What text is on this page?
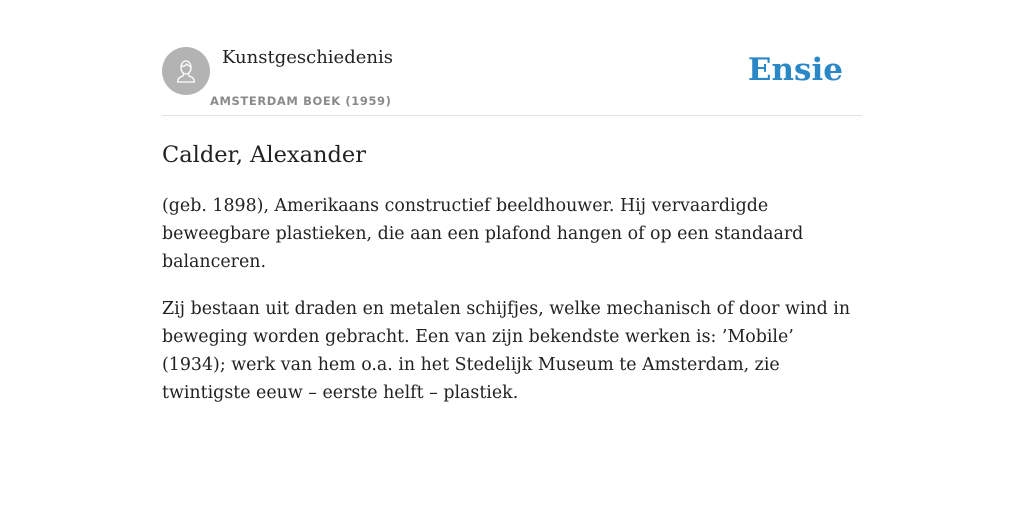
Kunstgeschiedenis
AMSTERDAM BOEK (1959)
Ensie
Calder, Alexander

(geb. 1898), Amerikaans constructief beeldhouwer. Hij vervaardigde beweegbare plastieken, die aan een plafond hangen of op een standaard balanceren.

Zij bestaan uit draden en metalen schijfjes, welke mechanisch of door wind in beweging worden gebracht. Een van zijn bekendste werken is: ’Mobile’ (1934); werk van hem o.a. in het Stedelijk Museum te Amsterdam, zie twintigste eeuw – eerste helft – plastiek.
